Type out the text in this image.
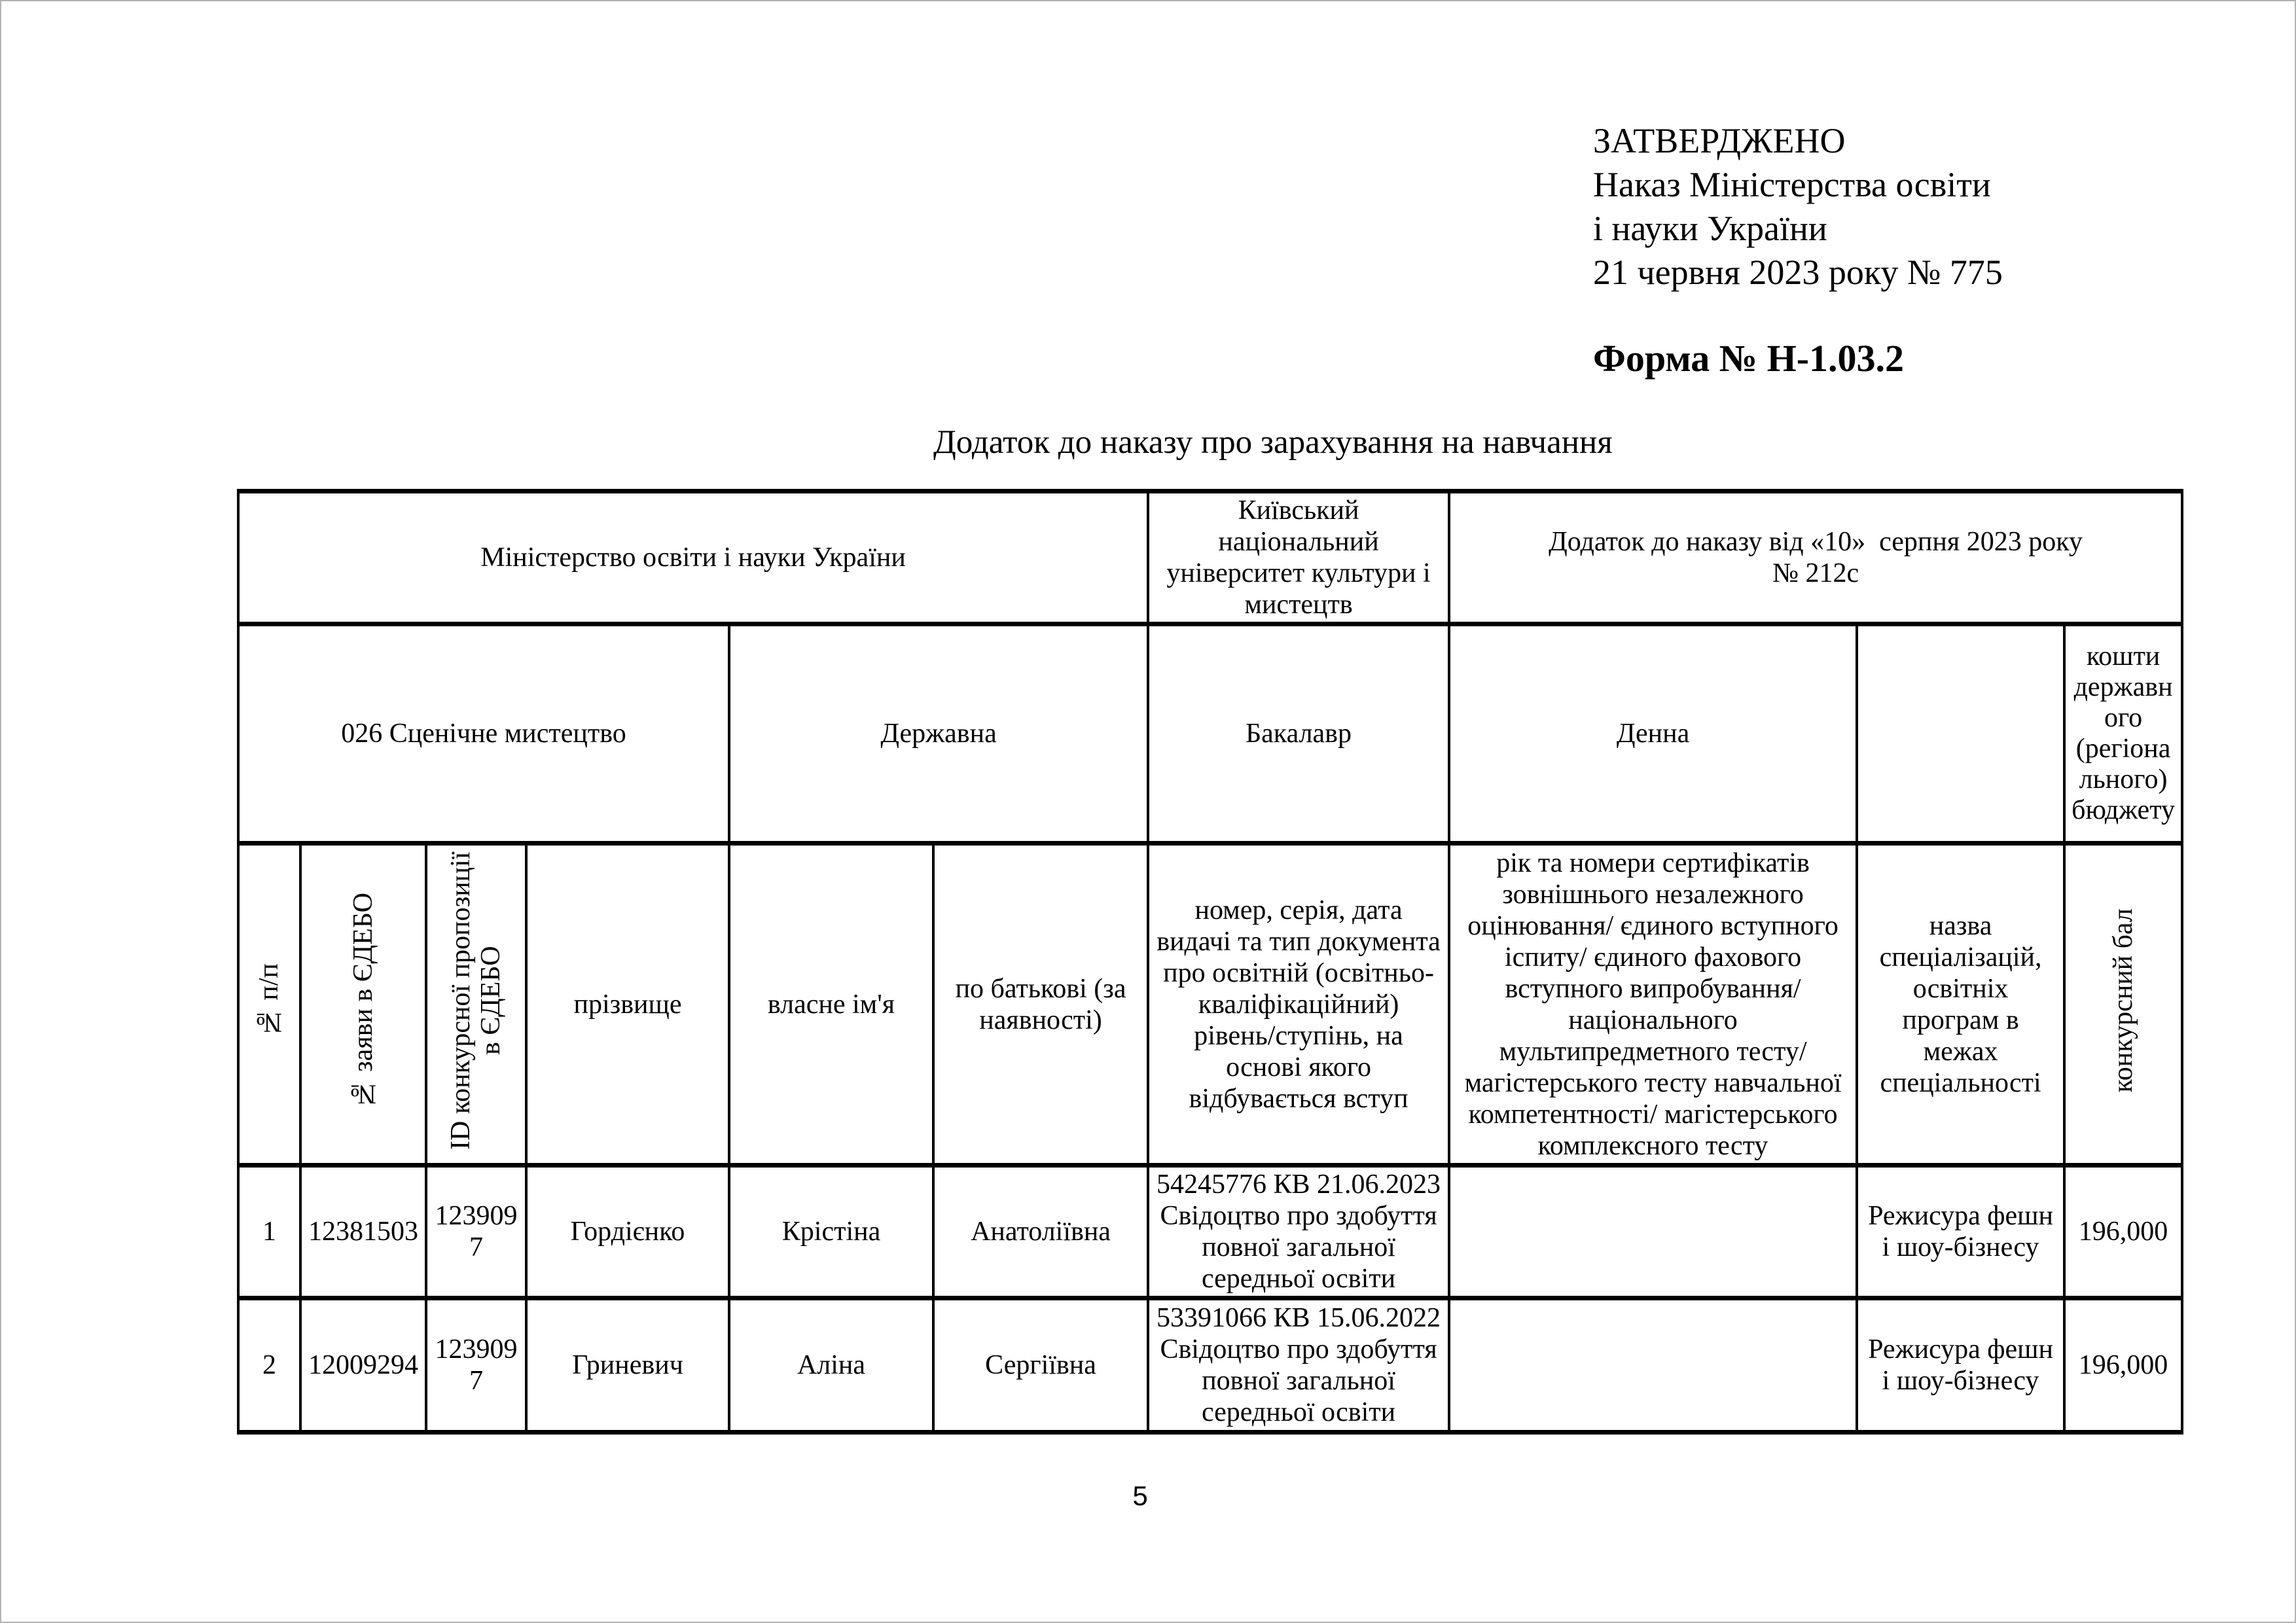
ЗАТВЕРДЖЕНО
Наказ Міністерства освіти
і науки України
21 червня 2023 року № 775
Форма № Н-1.03.2
Додаток до наказу про зарахування на навчання
Міністерство освіти і науки України						Київський національний університет культури і мистецтв	Додаток до наказу від «10»  серпня 2023 року
№ 212с		

026 Сценічне мистецтво				Державна		Бакалавр	Денна		кошти державного (регіонального) бюджету
№ п/п	№ заяви в ЄДЕБО	ID конкурсної пропозиції в ЄДЕБО	прізвище	власне ім'я	по батькові (за наявності)	номер, серія, дата видачі та тип документа про освітній (освітньо-кваліфікаційний) рівень/ступінь, на основі якого відбувається вступ	рік та номери сертифікатів зовнішнього незалежного оцінювання/ єдиного вступного іспиту/ єдиного фахового вступного випробування/ національного мультипредметного тесту/ магістерського тесту навчальної компетентності/ магістерського комплексного тесту	назва спеціалізацій, освітніх програм в межах спеціальності	конкурсний бал
1	12381503	1239097	Гордієнко	Крістіна	Анатоліївна	54245776 КВ 21.06.2023 Свідоцтво про здобуття повної загальної середньої освіти		Режисура фешн і шоу-бізнесу	196,000
2	12009294	1239097	Гриневич	Аліна	Сергіївна	53391066 КВ 15.06.2022 Свідоцтво про здобуття повної загальної середньої освіти		Режисура фешн і шоу-бізнесу	196,000
5
